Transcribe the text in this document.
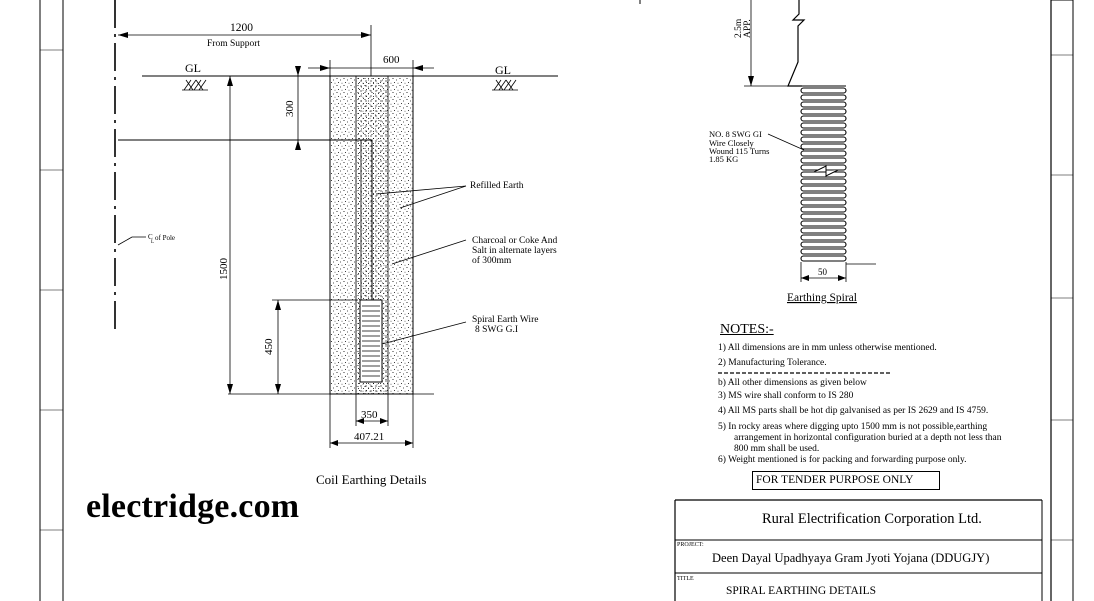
1200
From Support
600
GL	GL
300
1500
450
350
407.21
Refilled Earth
Charcoal or Coke And
Salt in alternate layers
of 300mm
Spiral Earth Wire
8 SWG G.I
C
L
of Pole
Coil Earthing Details
2.5m APP.
NO. 8 SWG GI
Wire Closely
Wound 115 Turns
1.85 KG
50
Earthing Spiral
electridge.com
NOTES:-
1) All dimensions are in mm unless otherwise mentioned.
2) Manufacturing Tolerance.
b) All other dimensions as given below
3) MS wire shall conform to IS 280
4) All MS parts shall be hot dip galvanised as per IS 2629 and IS 4759.
5) In rocky areas where digging upto 1500 mm is not possible,earthing
arrangement in horizontal configuration buried at a depth not less than
800 mm shall be used.
6) Weight mentioned is for packing and forwarding purpose only.
FOR TENDER PURPOSE ONLY
Rural Electrification Corporation Ltd.
PROJECT:
Deen Dayal Upadhyaya Gram Jyoti Yojana (DDUGJY)
TITLE
SPIRAL EARTHING DETAILS
